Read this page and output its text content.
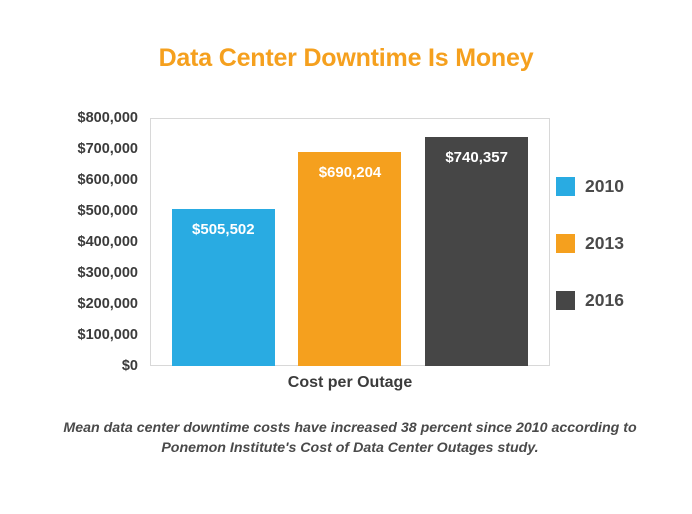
Data Center Downtime Is Money
$0
$100,000
$200,000
$300,000
$400,000
$500,000
$600,000
$700,000
$800,000
$505,502
$690,204
$740,357
Cost per Outage
2010
2013
2016
Mean data center downtime costs have increased 38 percent since 2010 according to Ponemon Institute's Cost of Data Center Outages study.
